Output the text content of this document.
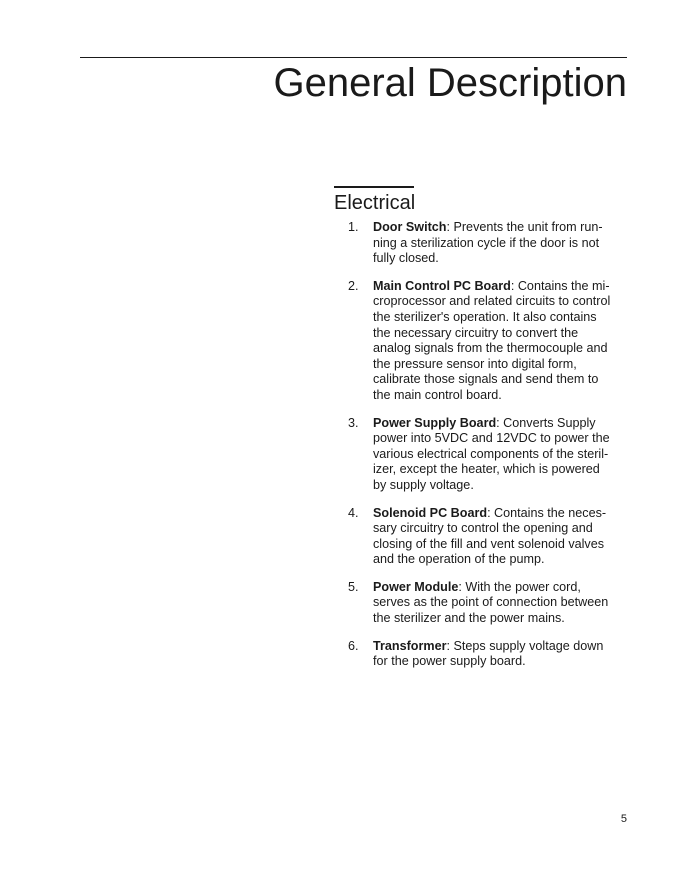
General Description
Electrical
1. Door Switch: Prevents the unit from run-
ning a sterilization cycle if the door is not
fully closed.
2. Main Control PC Board: Contains the mi-
croprocessor and related circuits to control
the sterilizer's operation. It also contains
the necessary circuitry to convert the
analog signals from the thermocouple and
the pressure sensor into digital form,
calibrate those signals and send them to
the main control board.
3. Power Supply Board: Converts Supply
power into 5VDC and 12VDC to power the
various electrical components of the steril-
izer, except the heater, which is powered
by supply voltage.
4. Solenoid PC Board: Contains the neces-
sary circuitry to control the opening and
closing of the fill and vent solenoid valves
and the operation of the pump.
5. Power Module: With the power cord,
serves as the point of connection between
the sterilizer and the power mains.
6. Transformer: Steps supply voltage down
for the power supply board.
5
